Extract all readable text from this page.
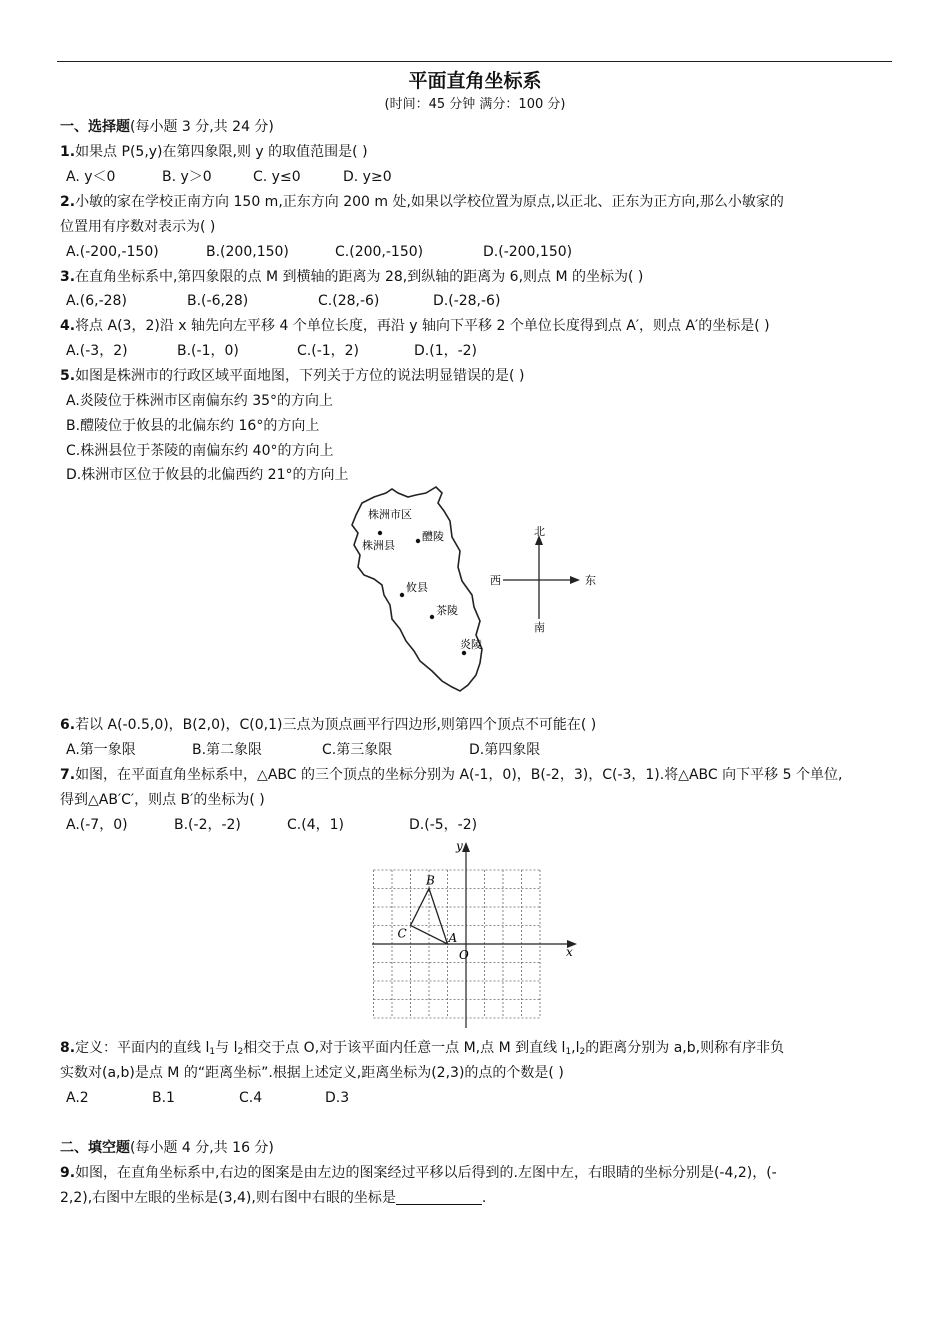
平面直角坐标系
(时间：45 分钟 满分：100 分)
一、选择题(每小题 3 分,共 24 分)
1.如果点 P(5,y)在第四象限,则 y 的取值范围是( )
A. y＜0	B. y＞0	C. y≤0	D. y≥0
2.小敏的家在学校正南方向 150 m,正东方向 200 m 处,如果以学校位置为原点,以正北、正东为正方向,那么小敏家的
位置用有序数对表示为( )
A.(-200,-150)	B.(200,150)	C.(200,-150)	D.(-200,150)
3.在直角坐标系中,第四象限的点 M 到横轴的距离为 28,到纵轴的距离为 6,则点 M 的坐标为( )
A.(6,-28)	B.(-6,28)	C.(28,-6)	D.(-28,-6)
4.将点 A(3，2)沿 x 轴先向左平移 4 个单位长度，再沿 y 轴向下平移 2 个单位长度得到点 A′，则点 A′的坐标是( )
A.(-3，2)	B.(-1，0)	C.(-1，2)	D.(1，-2)
5.如图是株洲市的行政区域平面地图，下列关于方位的说法明显错误的是( )
A.炎陵位于株洲市区南偏东约 35°的方向上
B.醴陵位于攸县的北偏东约 16°的方向上
C.株洲县位于茶陵的南偏东约 40°的方向上
D.株洲市区位于攸县的北偏西约 21°的方向上
株洲市区
株洲县
醴陵
攸县
茶陵
炎陵
北
南
西	东
6.若以 A(-0.5,0)，B(2,0)，C(0,1)三点为顶点画平行四边形,则第四个顶点不可能在( )
A.第一象限	B.第二象限	C.第三象限	D.第四象限
7.如图，在平面直角坐标系中，△ABC 的三个顶点的坐标分别为 A(-1，0)，B(-2，3)，C(-3，1).将△ABC 向下平移 5 个单位,
得到△AB′C′，则点 B′的坐标为( )
A.(-7，0)	B.(-2，-2)	C.(4，1)	D.(-5，-2)
x
y
O
A
B
C
8.定义：平面内的直线 $l_1$与 $l_2$相交于点 O,对于该平面内任意一点 M,点 M 到直线 $l_1,l_2$的距离分别为 a,b,则称有序非负
实数对(a,b)是点 M 的“距离坐标”.根据上述定义,距离坐标为(2,3)的点的个数是( )
A.2	B.1	C.4	D.3
二、填空题(每小题 4 分,共 16 分)
9.如图，在直角坐标系中,右边的图案是由左边的图案经过平移以后得到的.左图中左，右眼睛的坐标分别是(-4,2)，(-
2,2),右图中左眼的坐标是(3,4),则右图中右眼的坐标是	.
